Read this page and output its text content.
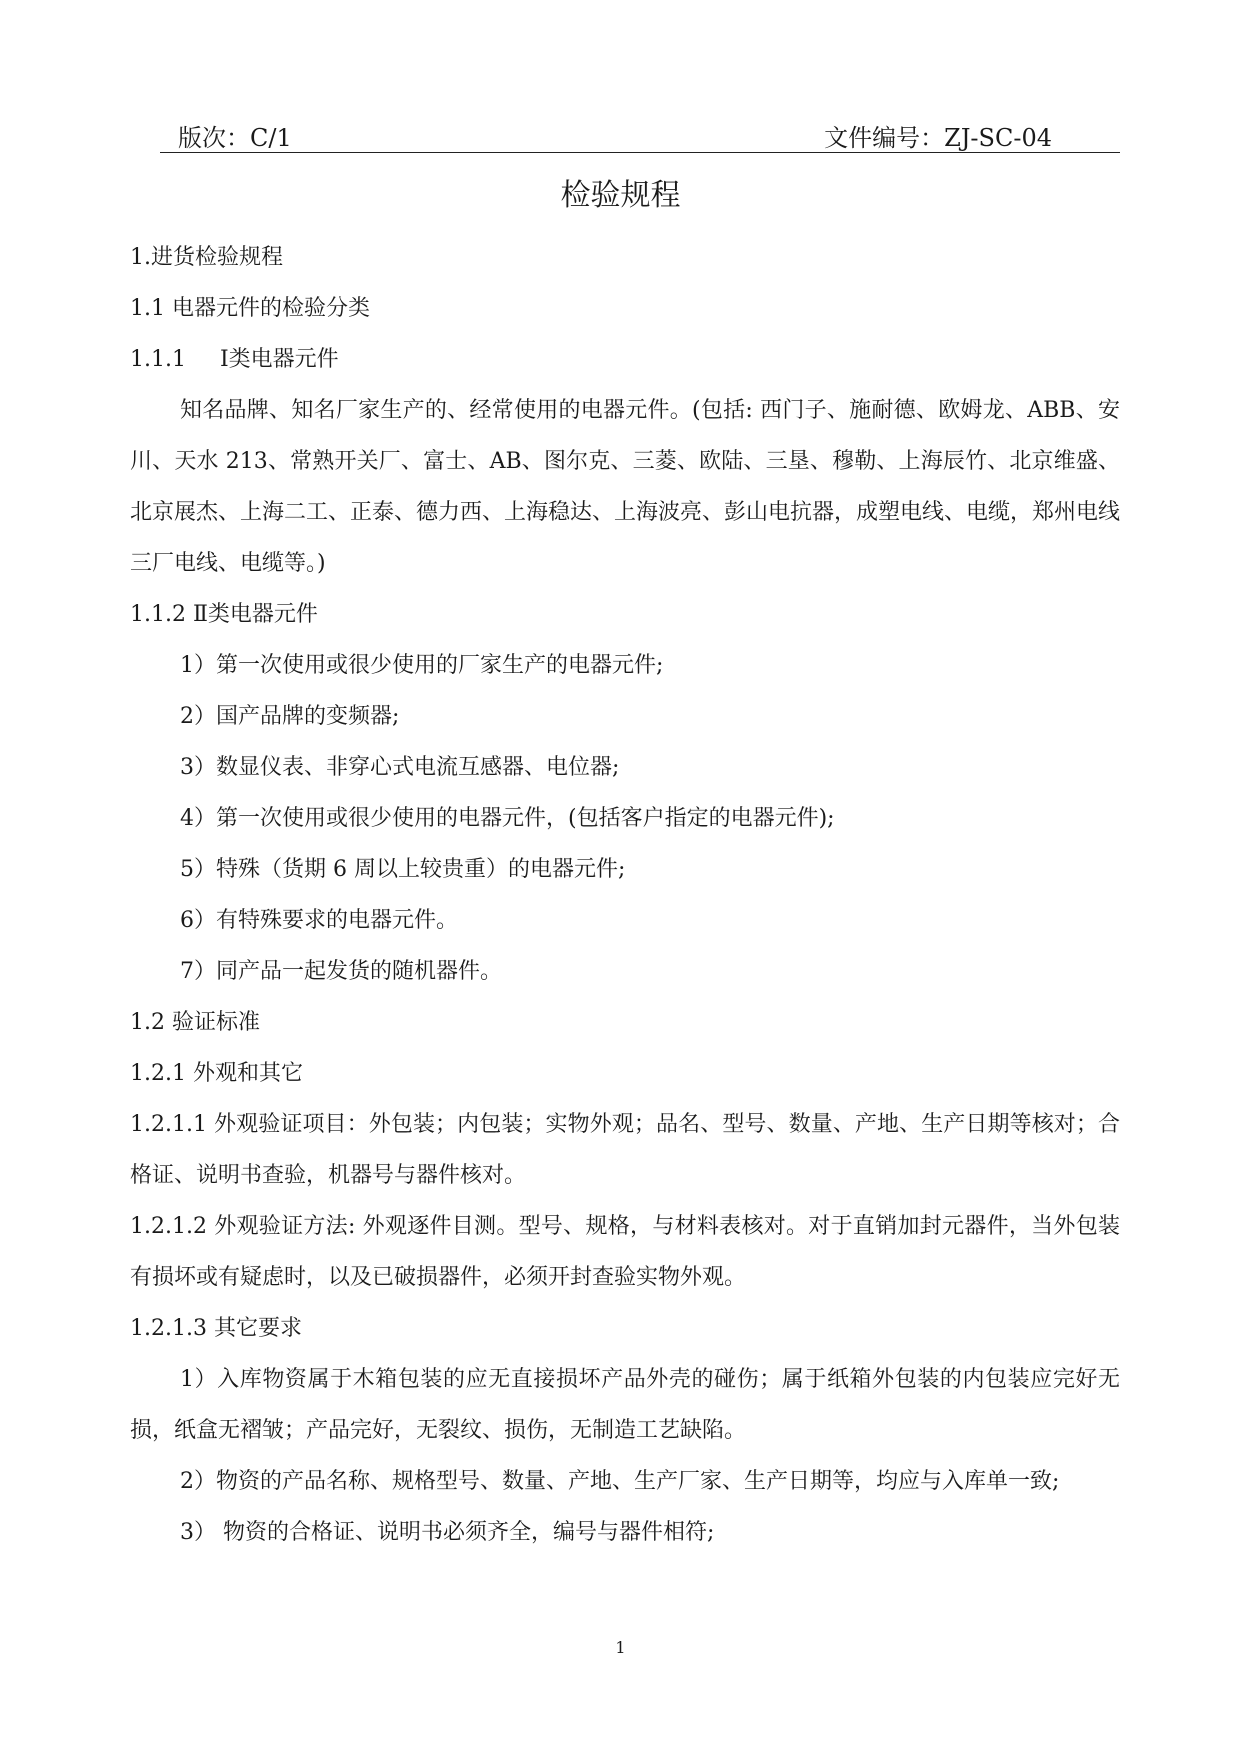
版次：C/1	文件编号：ZJ-SC-04
检验规程
1.进货检验规程
1.1 电器元件的检验分类
1.1.1 Ⅰ类电器元件
知名品牌、知名厂家生产的、经常使用的电器元件。(包括: 西门子、施耐德、欧姆龙、ABB、安川、天水 213、常熟开关厂、富士、AB、图尔克、三菱、欧陆、三垦、穆勒、上海辰竹、北京维盛、北京展杰、上海二工、正泰、德力西、上海稳达、上海波亮、彭山电抗器，成塑电线、电缆，郑州电线三厂电线、电缆等。)
1.1.2 Ⅱ类电器元件
1）第一次使用或很少使用的厂家生产的电器元件;
2）国产品牌的变频器;
3）数显仪表、非穿心式电流互感器、电位器;
4）第一次使用或很少使用的电器元件，(包括客户指定的电器元件);
5）特殊（货期 6 周以上较贵重）的电器元件;
6）有特殊要求的电器元件。
7）同产品一起发货的随机器件。
1.2 验证标准
1.2.1 外观和其它
1.2.1.1 外观验证项目：外包装；内包装；实物外观；品名、型号、数量、产地、生产日期等核对；合格证、说明书查验，机器号与器件核对。
1.2.1.2 外观验证方法: 外观逐件目测。型号、规格，与材料表核对。对于直销加封元器件，当外包装有损坏或有疑虑时，以及已破损器件，必须开封查验实物外观。
1.2.1.3 其它要求
1）入库物资属于木箱包装的应无直接损坏产品外壳的碰伤；属于纸箱外包装的内包装应完好无损，纸盒无褶皱；产品完好，无裂纹、损伤，无制造工艺缺陷。
2）物资的产品名称、规格型号、数量、产地、生产厂家、生产日期等，均应与入库单一致;
3） 物资的合格证、说明书必须齐全，编号与器件相符;
1
